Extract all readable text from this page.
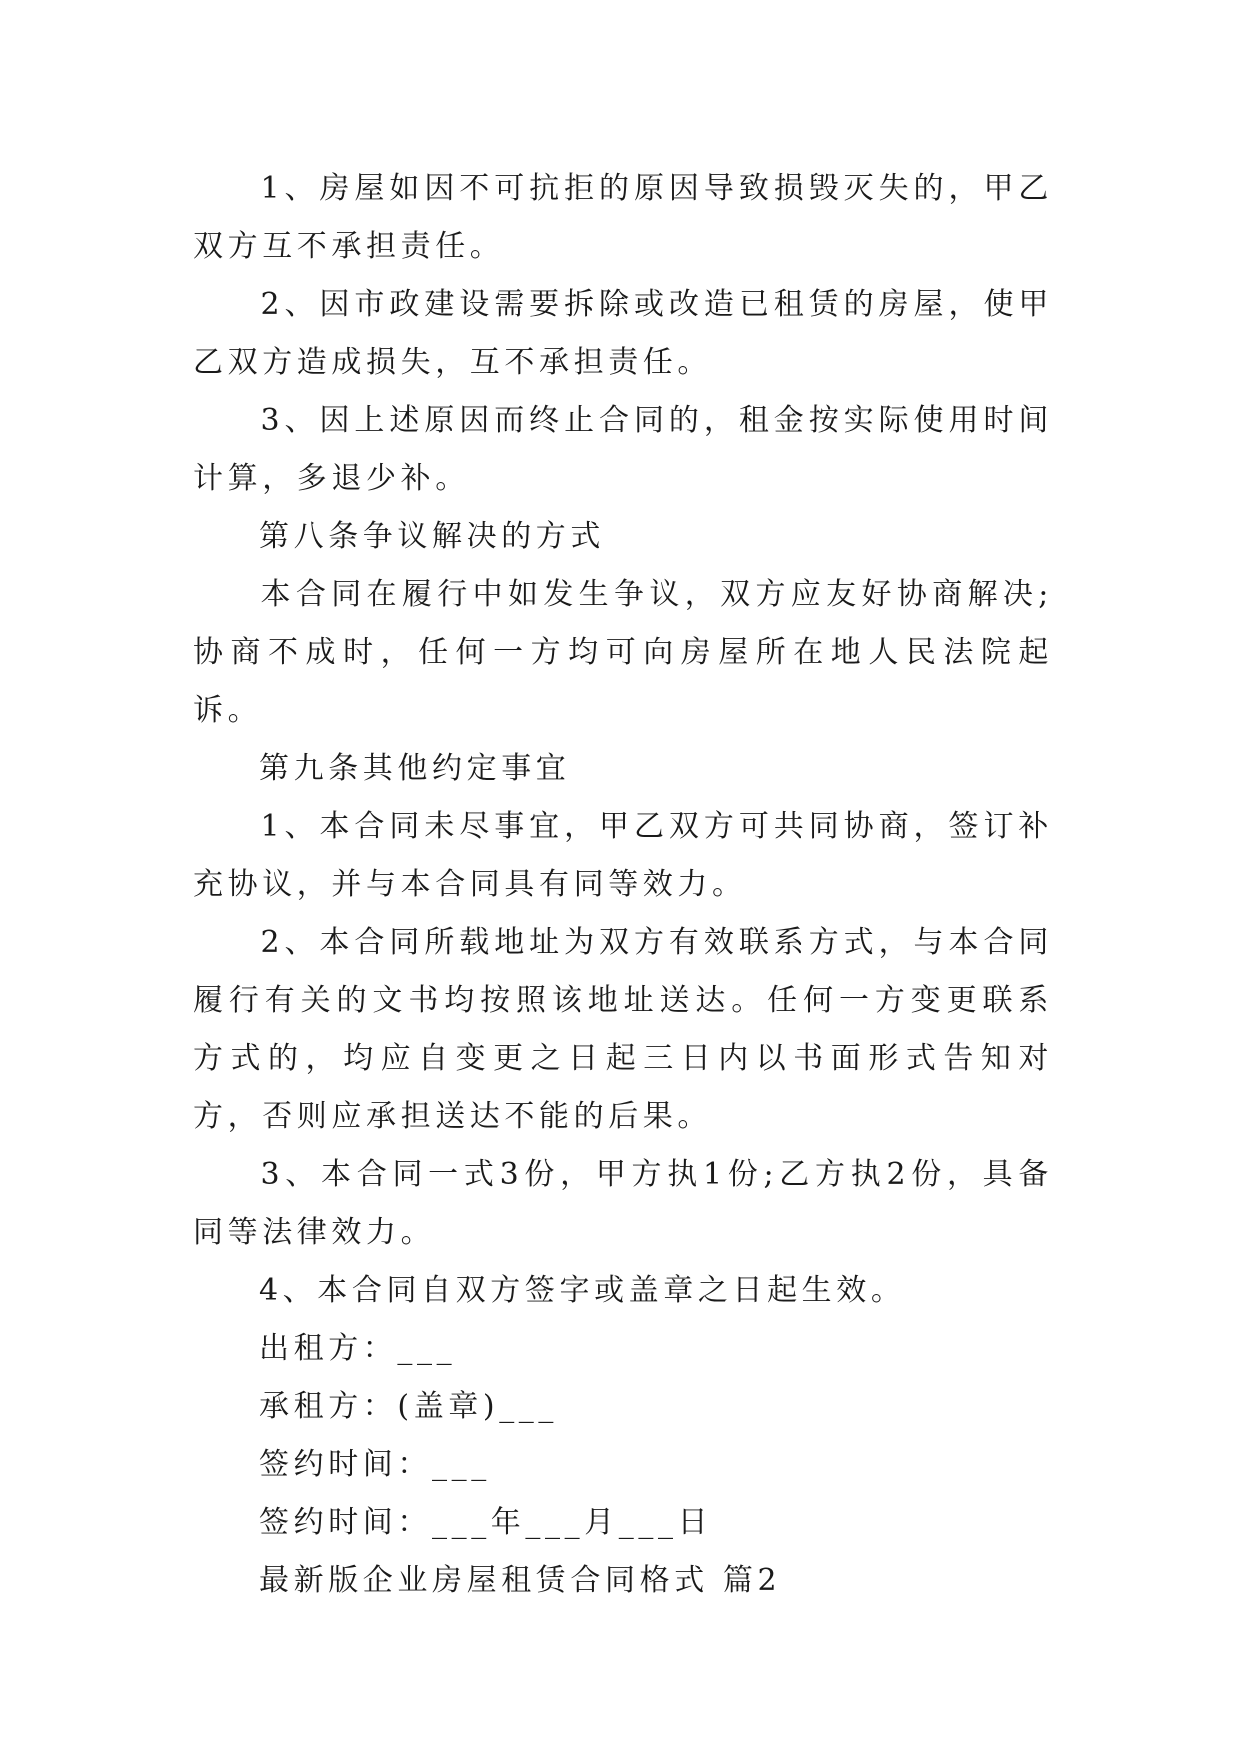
1、房屋如因不可抗拒的原因导致损毁灭失的，甲乙双方互不承担责任。

2、因市政建设需要拆除或改造已租赁的房屋，使甲乙双方造成损失，互不承担责任。

3、因上述原因而终止合同的，租金按实际使用时间计算，多退少补。

第八条争议解决的方式

本合同在履行中如发生争议，双方应友好协商解决;协商不成时，任何一方均可向房屋所在地人民法院起诉。

第九条其他约定事宜

1、本合同未尽事宜，甲乙双方可共同协商，签订补充协议，并与本合同具有同等效力。

2、本合同所载地址为双方有效联系方式，与本合同履行有关的文书均按照该地址送达。任何一方变更联系方式的，均应自变更之日起三日内以书面形式告知对方，否则应承担送达不能的后果。

3、本合同一式3份，甲方执1份;乙方执2份，具备同等法律效力。

4、本合同自双方签字或盖章之日起生效。

出租方：___

承租方：(盖章)___

签约时间：___

签约时间：___年___月___日

最新版企业房屋租赁合同格式 篇2
